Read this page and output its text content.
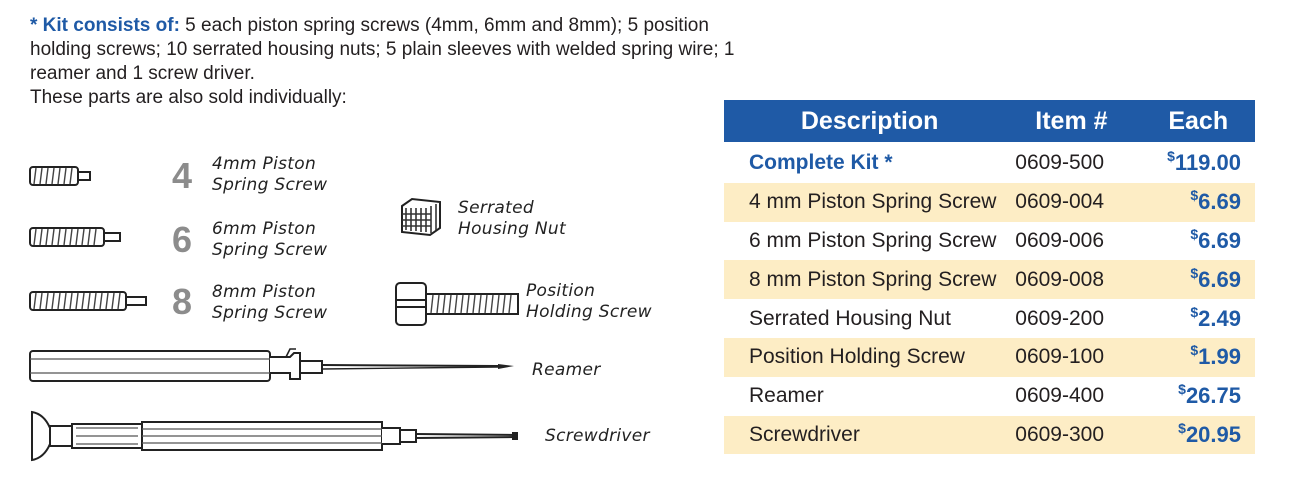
* Kit consists of: 5 each piston spring screws (4mm, 6mm and 8mm); 5 position holding screws; 10 serrated housing nuts; 5 plain sleeves with welded spring wire; 1 reamer and 1 screw driver.
These parts are also sold individually:
4 4mm Piston
Spring Screw
6 6mm Piston
Spring Screw
8 8mm Piston
Spring Screw
Serrated
Housing Nut
Position
Holding Screw
Reamer
Screwdriver
Description	Item #	Each
Complete Kit *	0609-500	$119.00
4 mm Piston Spring Screw	0609-004	$6.69
6 mm Piston Spring Screw	0609-006	$6.69
8 mm Piston Spring Screw	0609-008	$6.69
Serrated Housing Nut	0609-200	$2.49
Position Holding Screw	0609-100	$1.99
Reamer	0609-400	$26.75
Screwdriver	0609-300	$20.95
